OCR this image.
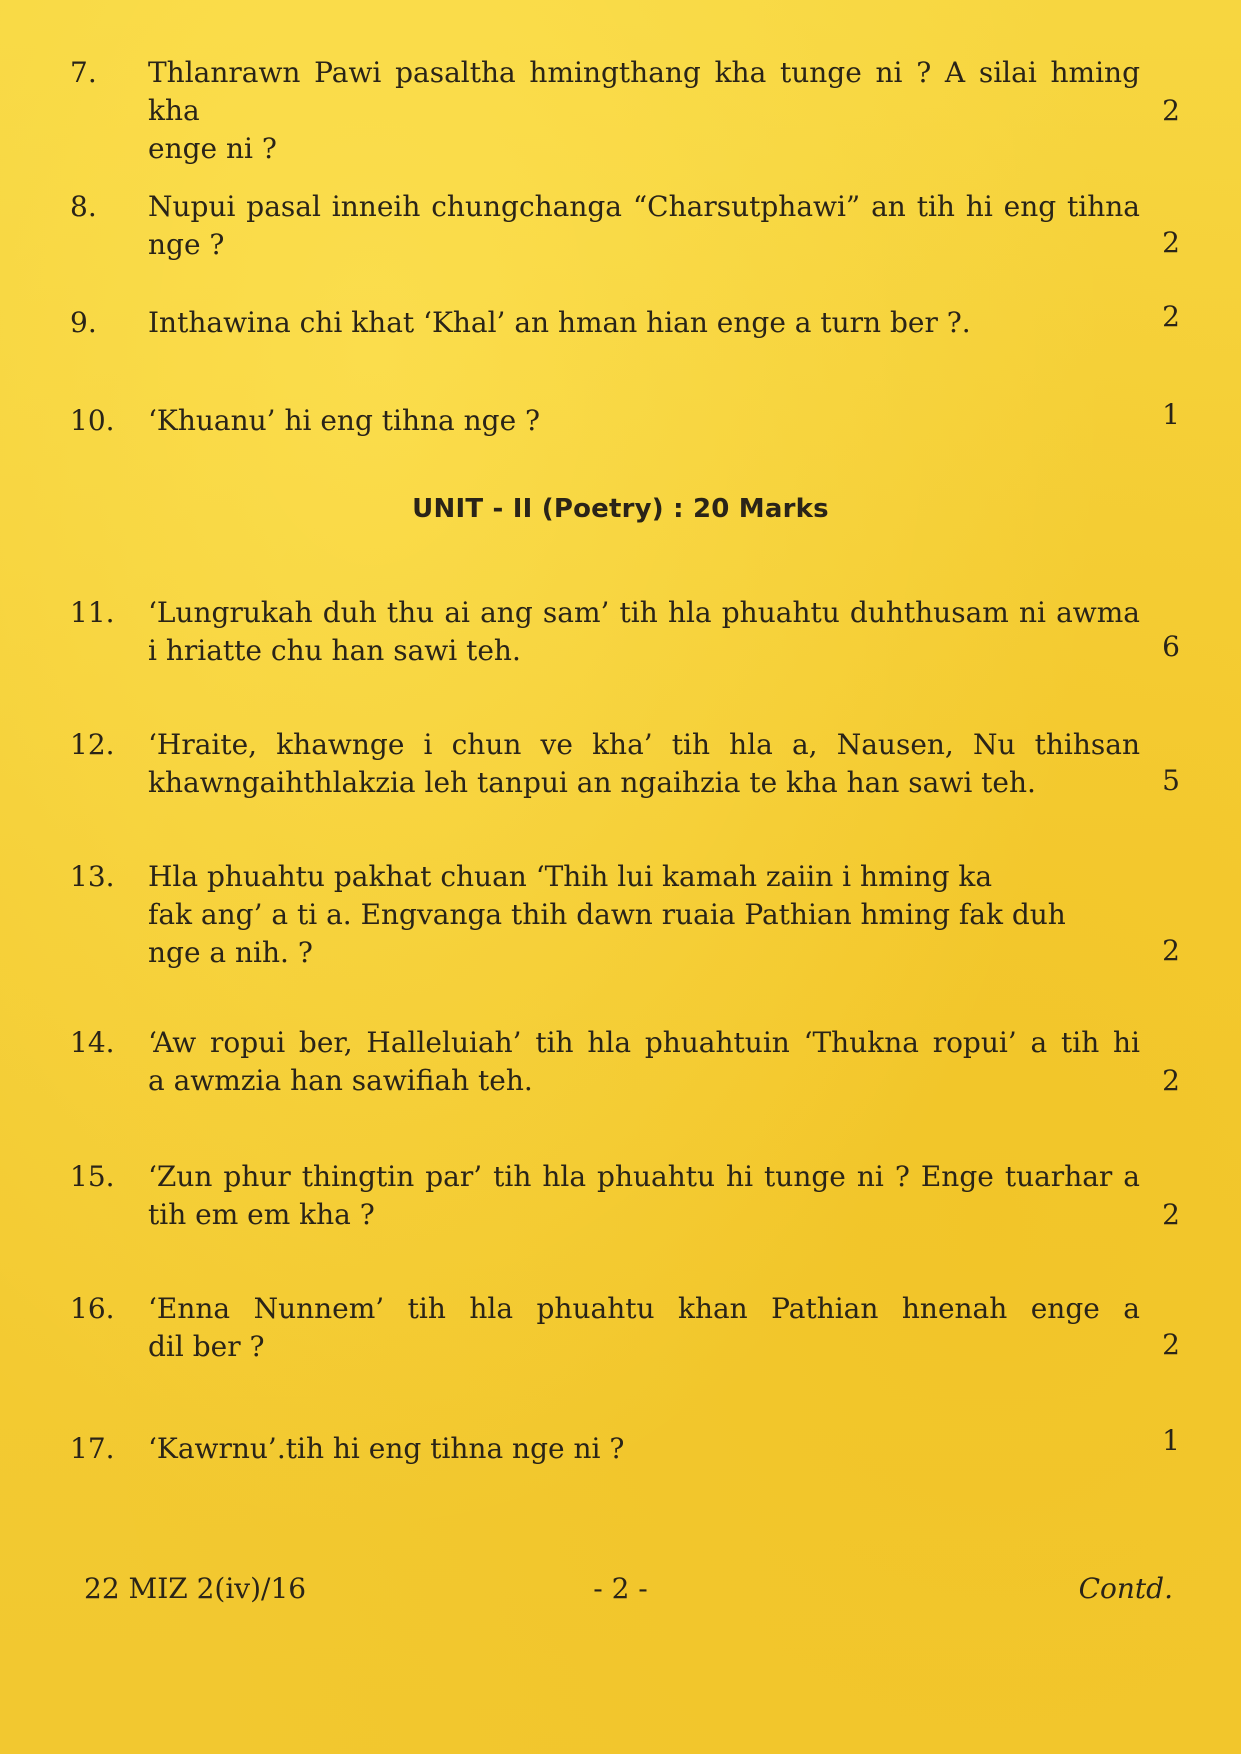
7.	Thlanrawn Pawi pasaltha hmingthang kha tunge ni ? A silai hming kha
enge ni ?
2
8.	Nupui pasal inneih chungchanga “Charsutphawi” an tih hi eng tihna
nge ?	2
9.	Inthawina chi khat ‘Khal’ an hman hian enge a turn ber ?.	2
10.	‘Khuanu’ hi eng tihna nge ?	1
UNIT - II (Poetry) : 20 Marks
11.	‘Lungrukah duh thu ai ang sam’ tih hla phuahtu duhthusam ni awma
i hriatte chu han sawi teh.	6
12.	‘Hraite, khawnge i chun ve kha’ tih hla a, Nausen, Nu thihsan
khawngaihthlakzia leh tanpui an ngaihzia te kha han sawi teh.	5
13.	Hla phuahtu pakhat chuan ‘Thih lui kamah zaiin i hming ka
fak ang’ a ti a. Engvanga thih dawn ruaia Pathian hming fak duh
nge a nih. ?	2
14.	‘Aw ropui ber, Halleluiah’ tih hla phuahtuin ‘Thukna ropui’ a tih hi
a awmzia han sawifiah teh.	2
15.	‘Zun phur thingtin par’ tih hla phuahtu hi tunge ni ? Enge tuarhar a
tih em em kha ?	2
16.	‘Enna Nunnem’ tih hla phuahtu khan Pathian hnenah enge a
dil ber ?	2
17.	‘Kawrnu’.tih hi eng tihna nge ni ?	1
22 MIZ 2(iv)/16	- 2 -	Contd.
